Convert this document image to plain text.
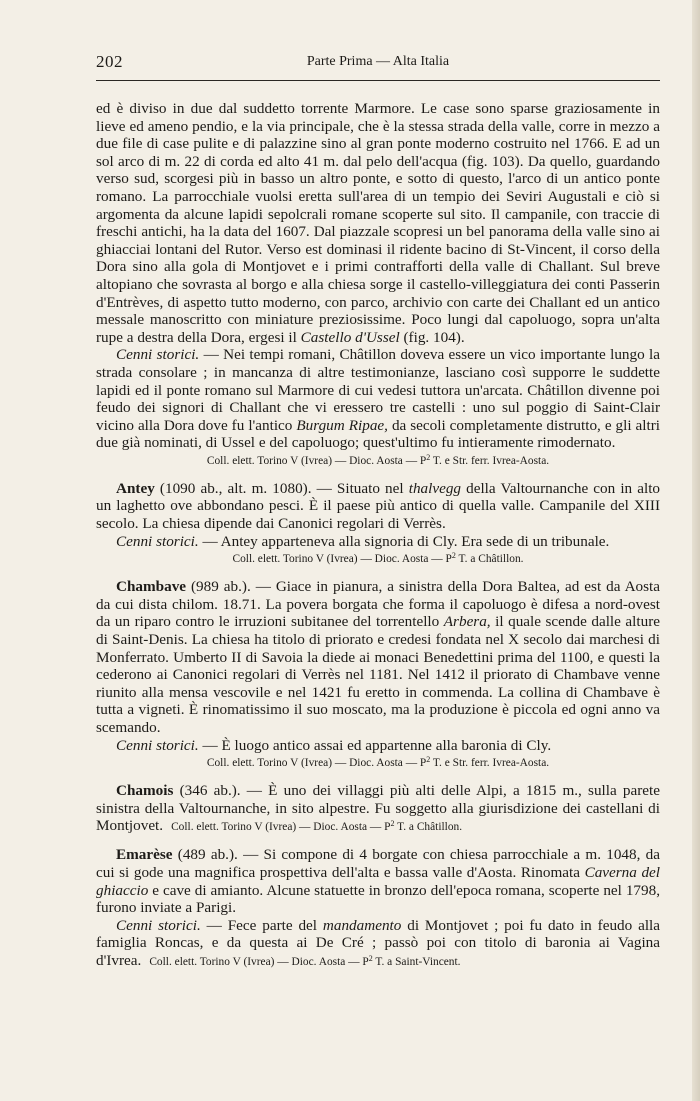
202	Parte Prima — Alta Italia

ed è diviso in due dal suddetto torrente Marmore. Le case sono sparse graziosamente in lieve ed ameno pendio, e la via principale, che è la stessa strada della valle, corre in mezzo a due file di case pulite e di palazzine sino al gran ponte moderno costruito nel 1766. E ad un sol arco di m. 22 di corda ed alto 41 m. dal pelo dell'acqua (fig. 103). Da quello, guardando verso sud, scorgesi più in basso un altro ponte, e sotto di questo, l'arco di un antico ponte romano. La parrocchiale vuolsi eretta sull'area di un tempio dei Seviri Augustali e ciò si argomenta da alcune lapidi sepolcrali romane scoperte sul sito. Il campanile, con traccie di freschi antichi, ha la data del 1607. Dal piazzale scopresi un bel panorama della valle sino ai ghiacciai lontani del Rutor. Verso est dominasi il ridente bacino di St-Vincent, il corso della Dora sino alla gola di Montjovet e i primi contrafforti della valle di Challant. Sul breve altopiano che sovrasta al borgo e alla chiesa sorge il castello-villeggiatura dei conti Passerin d'Entrèves, di aspetto tutto moderno, con parco, archivio con carte dei Challant ed un antico messale manoscritto con miniature preziosissime. Poco lungi dal capoluogo, sopra un'alta rupe a destra della Dora, ergesi il Castello d'Ussel (fig. 104).

Cenni storici. — Nei tempi romani, Châtillon doveva essere un vico importante lungo la strada consolare ; in mancanza di altre testimonianze, lasciano così supporre le suddette lapidi ed il ponte romano sul Marmore di cui vedesi tuttora un'arcata. Châtillon divenne poi feudo dei signori di Challant che vi eressero tre castelli : uno sul poggio di Saint-Clair vicino alla Dora dove fu l'antico Burgum Ripae, da secoli completamente distrutto, e gli altri due già nominati, di Ussel e del capoluogo; quest'ultimo fu intieramente rimodernato.

Coll. elett. Torino V (Ivrea) — Dioc. Aosta — $P^2$ T. e Str. ferr. Ivrea-Aosta.

Antey (1090 ab., alt. m. 1080). — Situato nel thalvegg della Valtournanche con in alto un laghetto ove abbondano pesci. È il paese più antico di quella valle. Campanile del XIII secolo. La chiesa dipende dai Canonici regolari di Verrès.

Cenni storici. — Antey apparteneva alla signoria di Cly. Era sede di un tribunale.

Coll. elett. Torino V (Ivrea) — Dioc. Aosta — $P^2$ T. a Châtillon.

Chambave (989 ab.). — Giace in pianura, a sinistra della Dora Baltea, ad est da Aosta da cui dista chilom. 18.71. La povera borgata che forma il capoluogo è difesa a nord-ovest da un riparo contro le irruzioni subitanee del torrentello Arbera, il quale scende dalle alture di Saint-Denis. La chiesa ha titolo di priorato e credesi fondata nel X secolo dai marchesi di Monferrato. Umberto II di Savoia la diede ai monaci Benedettini prima del 1100, e questi la cederono ai Canonici regolari di Verrès nel 1181. Nel 1412 il priorato di Chambave venne riunito alla mensa vescovile e nel 1421 fu eretto in commenda. La collina di Chambave è tutta a vigneti. È rinomatissimo il suo moscato, ma la produzione è piccola ed ogni anno va scemando.

Cenni storici. — È luogo antico assai ed appartenne alla baronia di Cly.

Coll. elett. Torino V (Ivrea) — Dioc. Aosta — $P^2$ T. e Str. ferr. Ivrea-Aosta.

Chamois (346 ab.). — È uno dei villaggi più alti delle Alpi, a 1815 m., sulla parete sinistra della Valtournanche, in sito alpestre. Fu soggetto alla giurisdizione dei castellani di Montjovet. Coll. elett. Torino V (Ivrea) — Dioc. Aosta — $P^2$ T. a Châtillon.

Emarèse (489 ab.). — Si compone di 4 borgate con chiesa parrocchiale a m. 1048, da cui si gode una magnifica prospettiva dell'alta e bassa valle d'Aosta. Rinomata Caverna del ghiaccio e cave di amianto. Alcune statuette in bronzo dell'epoca romana, scoperte nel 1798, furono inviate a Parigi.

Cenni storici. — Fece parte del mandamento di Montjovet ; poi fu dato in feudo alla famiglia Roncas, e da questa ai De Cré ; passò poi con titolo di baronia ai Vagina d'Ivrea. Coll. elett. Torino V (Ivrea) — Dioc. Aosta — $P^2$ T. a Saint-Vincent.
